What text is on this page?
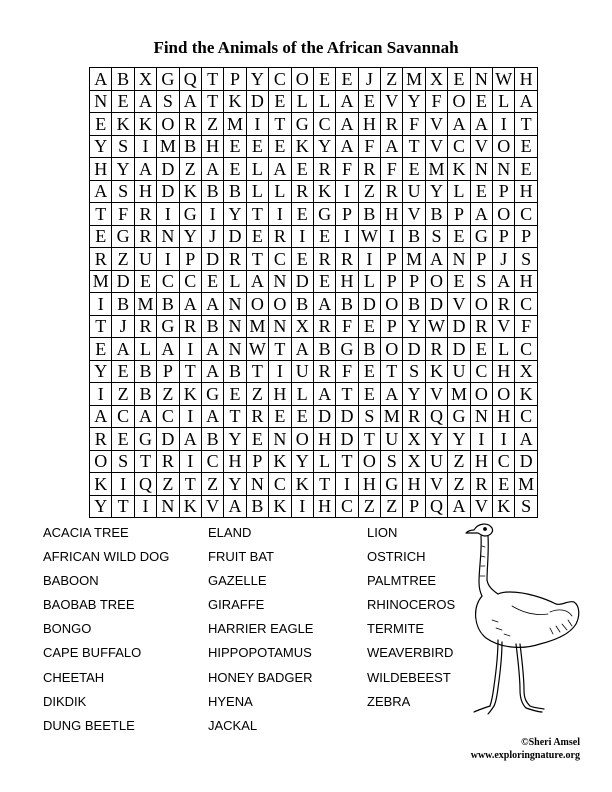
Find the Animals of the African Savannah
A	B	X	G	Q	T	P	Y	C	O	E	E	J	Z	M	X	E	N	W	H
N	E	A	S	A	T	K	D	E	L	L	A	E	V	Y	F	O	E	L	A
E	K	K	O	R	Z	M	I	T	G	C	A	H	R	F	V	A	A	I	T
Y	S	I	M	B	H	E	E	E	K	Y	A	F	A	T	V	C	V	O	E
H	Y	A	D	Z	A	E	L	A	E	R	F	R	F	E	M	K	N	N	E
A	S	H	D	K	B	B	L	L	R	K	I	Z	R	U	Y	L	E	P	H
T	F	R	I	G	I	Y	T	I	E	G	P	B	H	V	B	P	A	O	C
E	G	R	N	Y	J	D	E	R	I	E	I	W	I	B	S	E	G	P	P
R	Z	U	I	P	D	R	T	C	E	R	R	I	P	M	A	N	P	J	S
M	D	E	C	C	E	L	A	N	D	E	H	L	P	P	O	E	S	A	H
I	B	M	B	A	A	N	O	O	B	A	B	D	O	B	D	V	O	R	C
T	J	R	G	R	B	N	M	N	X	R	F	E	P	Y	W	D	R	V	F
E	A	L	A	I	A	N	W	T	A	B	G	B	O	D	R	D	E	L	C
Y	E	B	P	T	A	B	T	I	U	R	F	E	T	S	K	U	C	H	X
I	Z	B	Z	K	G	E	Z	H	L	A	T	E	A	Y	V	M	O	O	K
A	C	A	C	I	A	T	R	E	E	D	D	S	M	R	Q	G	N	H	C
R	E	G	D	A	B	Y	E	N	O	H	D	T	U	X	Y	Y	I	I	A
O	S	T	R	I	C	H	P	K	Y	L	T	O	S	X	U	Z	H	C	D
K	I	Q	Z	T	Z	Y	N	C	K	T	I	H	G	H	V	Z	R	E	M
Y	T	I	N	K	V	A	B	K	I	H	C	Z	Z	P	Q	A	V	K	S
ACACIA TREE
AFRICAN WILD DOG
BABOON
BAOBAB TREE
BONGO
CAPE BUFFALO
CHEETAH
DIKDIK
DUNG BEETLE
ELAND
FRUIT BAT
GAZELLE
GIRAFFE
HARRIER EAGLE
HIPPOPOTAMUS
HONEY BADGER
HYENA
JACKAL
LION
OSTRICH
PALMTREE
RHINOCEROS
TERMITE
WEAVERBIRD
WILDEBEEST
ZEBRA
©Sheri Amsel
www.exploringnature.org
